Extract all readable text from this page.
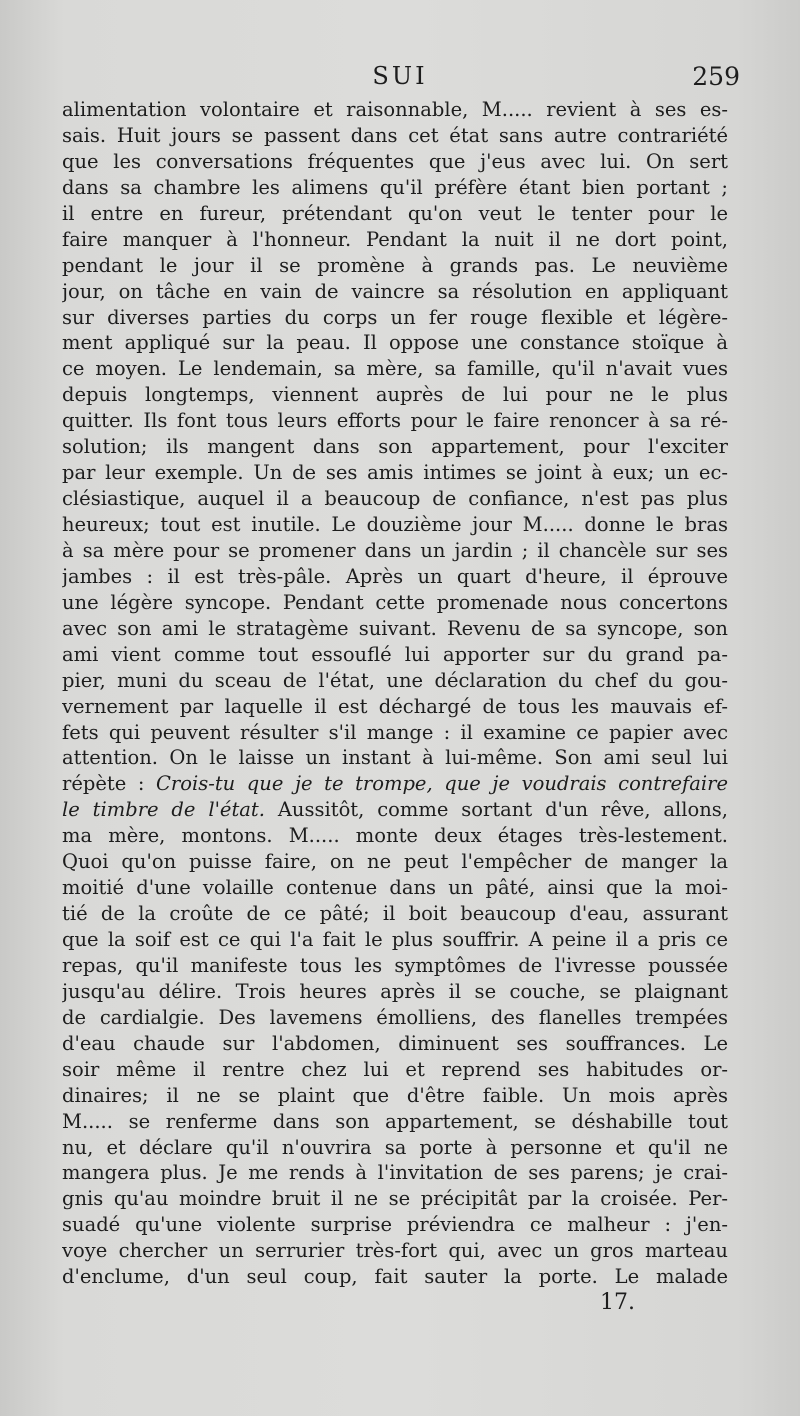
SUI	259
alimentation volontaire et raisonnable, M..... revient à ses es-
sais. Huit jours se passent dans cet état sans autre contrariété
que les conversations fréquentes que j'eus avec lui. On sert
dans sa chambre les alimens qu'il préfère étant bien portant ;
il entre en fureur, prétendant qu'on veut le tenter pour le
faire manquer à l'honneur. Pendant la nuit il ne dort point,
pendant le jour il se promène à grands pas. Le neuvième
jour, on tâche en vain de vaincre sa résolution en appliquant
sur diverses parties du corps un fer rouge flexible et légère-
ment appliqué sur la peau. Il oppose une constance stoïque à
ce moyen. Le lendemain, sa mère, sa famille, qu'il n'avait vues
depuis longtemps, viennent auprès de lui pour ne le plus
quitter. Ils font tous leurs efforts pour le faire renoncer à sa ré-
solution; ils mangent dans son appartement, pour l'exciter
par leur exemple. Un de ses amis intimes se joint à eux; un ec-
clésiastique, auquel il a beaucoup de confiance, n'est pas plus
heureux; tout est inutile. Le douzième jour M..... donne le bras
à sa mère pour se promener dans un jardin ; il chancèle sur ses
jambes : il est très-pâle. Après un quart d'heure, il éprouve
une légère syncope. Pendant cette promenade nous concertons
avec son ami le stratagème suivant. Revenu de sa syncope, son
ami vient comme tout essouflé lui apporter sur du grand pa-
pier, muni du sceau de l'état, une déclaration du chef du gou-
vernement par laquelle il est déchargé de tous les mauvais ef-
fets qui peuvent résulter s'il mange : il examine ce papier avec
attention. On le laisse un instant à lui-même. Son ami seul lui
répète : Crois-tu que je te trompe, que je voudrais contrefaire
le timbre de l'état. Aussitôt, comme sortant d'un rêve, allons,
ma mère, montons. M..... monte deux étages très-lestement.
Quoi qu'on puisse faire, on ne peut l'empêcher de manger la
moitié d'une volaille contenue dans un pâté, ainsi que la moi-
tié de la croûte de ce pâté; il boit beaucoup d'eau, assurant
que la soif est ce qui l'a fait le plus souffrir. A peine il a pris ce
repas, qu'il manifeste tous les symptômes de l'ivresse poussée
jusqu'au délire. Trois heures après il se couche, se plaignant
de cardialgie. Des lavemens émolliens, des flanelles trempées
d'eau chaude sur l'abdomen, diminuent ses souffrances. Le
soir même il rentre chez lui et reprend ses habitudes or-
dinaires; il ne se plaint que d'être faible. Un mois après
M..... se renferme dans son appartement, se déshabille tout
nu, et déclare qu'il n'ouvrira sa porte à personne et qu'il ne
mangera plus. Je me rends à l'invitation de ses parens; je crai-
gnis qu'au moindre bruit il ne se précipitât par la croisée. Per-
suadé qu'une violente surprise préviendra ce malheur : j'en-
voye chercher un serrurier très-fort qui, avec un gros marteau
d'enclume, d'un seul coup, fait sauter la porte. Le malade
17.
